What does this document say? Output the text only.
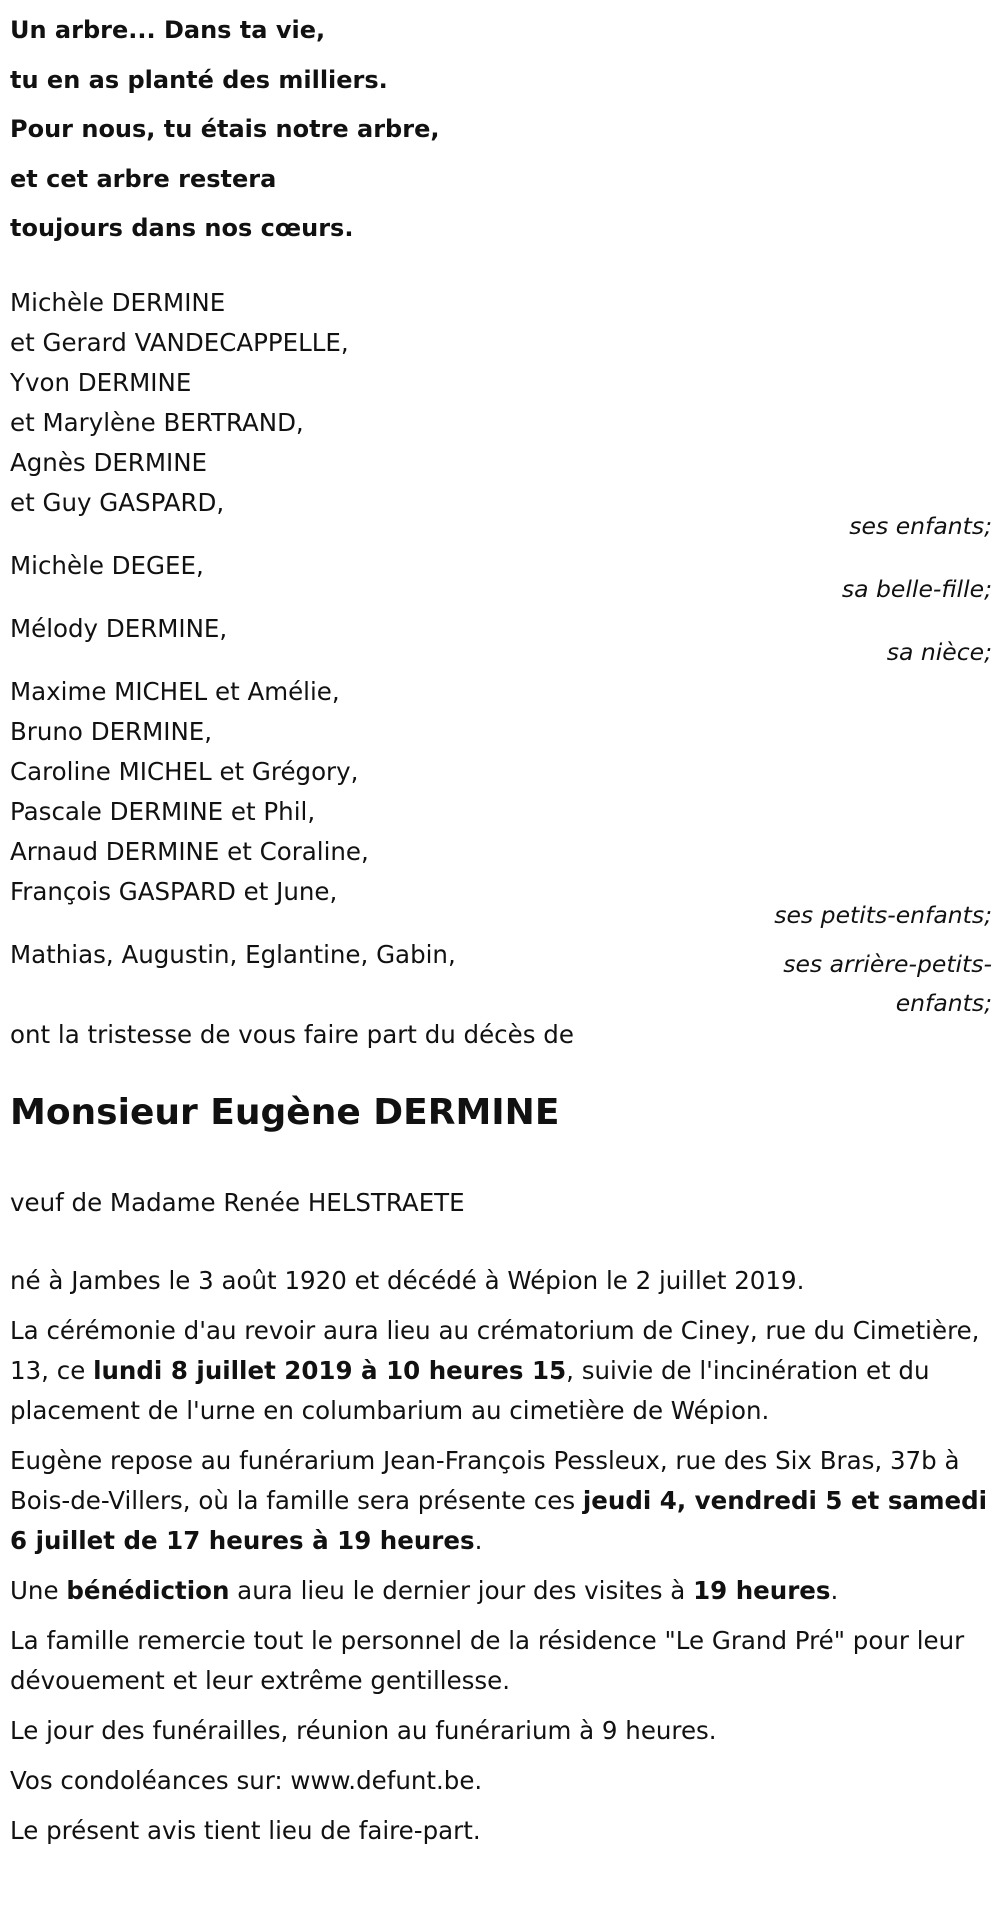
Un arbre... Dans ta vie,
tu en as planté des milliers.
Pour nous, tu étais notre arbre,
et cet arbre restera
toujours dans nos cœurs.
Michèle DERMINE
et Gerard VANDECAPPELLE,
Yvon DERMINE
et Marylène BERTRAND,
Agnès DERMINE
et Guy GASPARD,
ses enfants;
Michèle DEGEE,
sa belle-fille;
Mélody DERMINE,
sa nièce;
Maxime MICHEL et Amélie,
Bruno DERMINE,
Caroline MICHEL et Grégory,
Pascale DERMINE et Phil,
Arnaud DERMINE et Coraline,
François GASPARD et June,
ses petits-enfants;
Mathias, Augustin, Eglantine, Gabin,	ses arrière-petits-enfants;
ont la tristesse de vous faire part du décès de
Monsieur Eugène DERMINE
veuf de Madame Renée HELSTRAETE

né à Jambes le 3 août 1920 et décédé à Wépion le 2 juillet 2019.

La cérémonie d'au revoir aura lieu au crématorium de Ciney, rue du Cimetière, 13, ce lundi 8 juillet 2019 à 10 heures 15, suivie de l'incinération et du placement de l'urne en columbarium au cimetière de Wépion.

Eugène repose au funérarium Jean-François Pessleux, rue des Six Bras, 37b à Bois-de-Villers, où la famille sera présente ces jeudi 4, vendredi 5 et samedi 6 juillet de 17 heures à 19 heures.

Une bénédiction aura lieu le dernier jour des visites à 19 heures.

La famille remercie tout le personnel de la résidence "Le Grand Pré" pour leur dévouement et leur extrême gentillesse.

Le jour des funérailles, réunion au funérarium à 9 heures.

Vos condoléances sur: www.defunt.be.

Le présent avis tient lieu de faire-part.
